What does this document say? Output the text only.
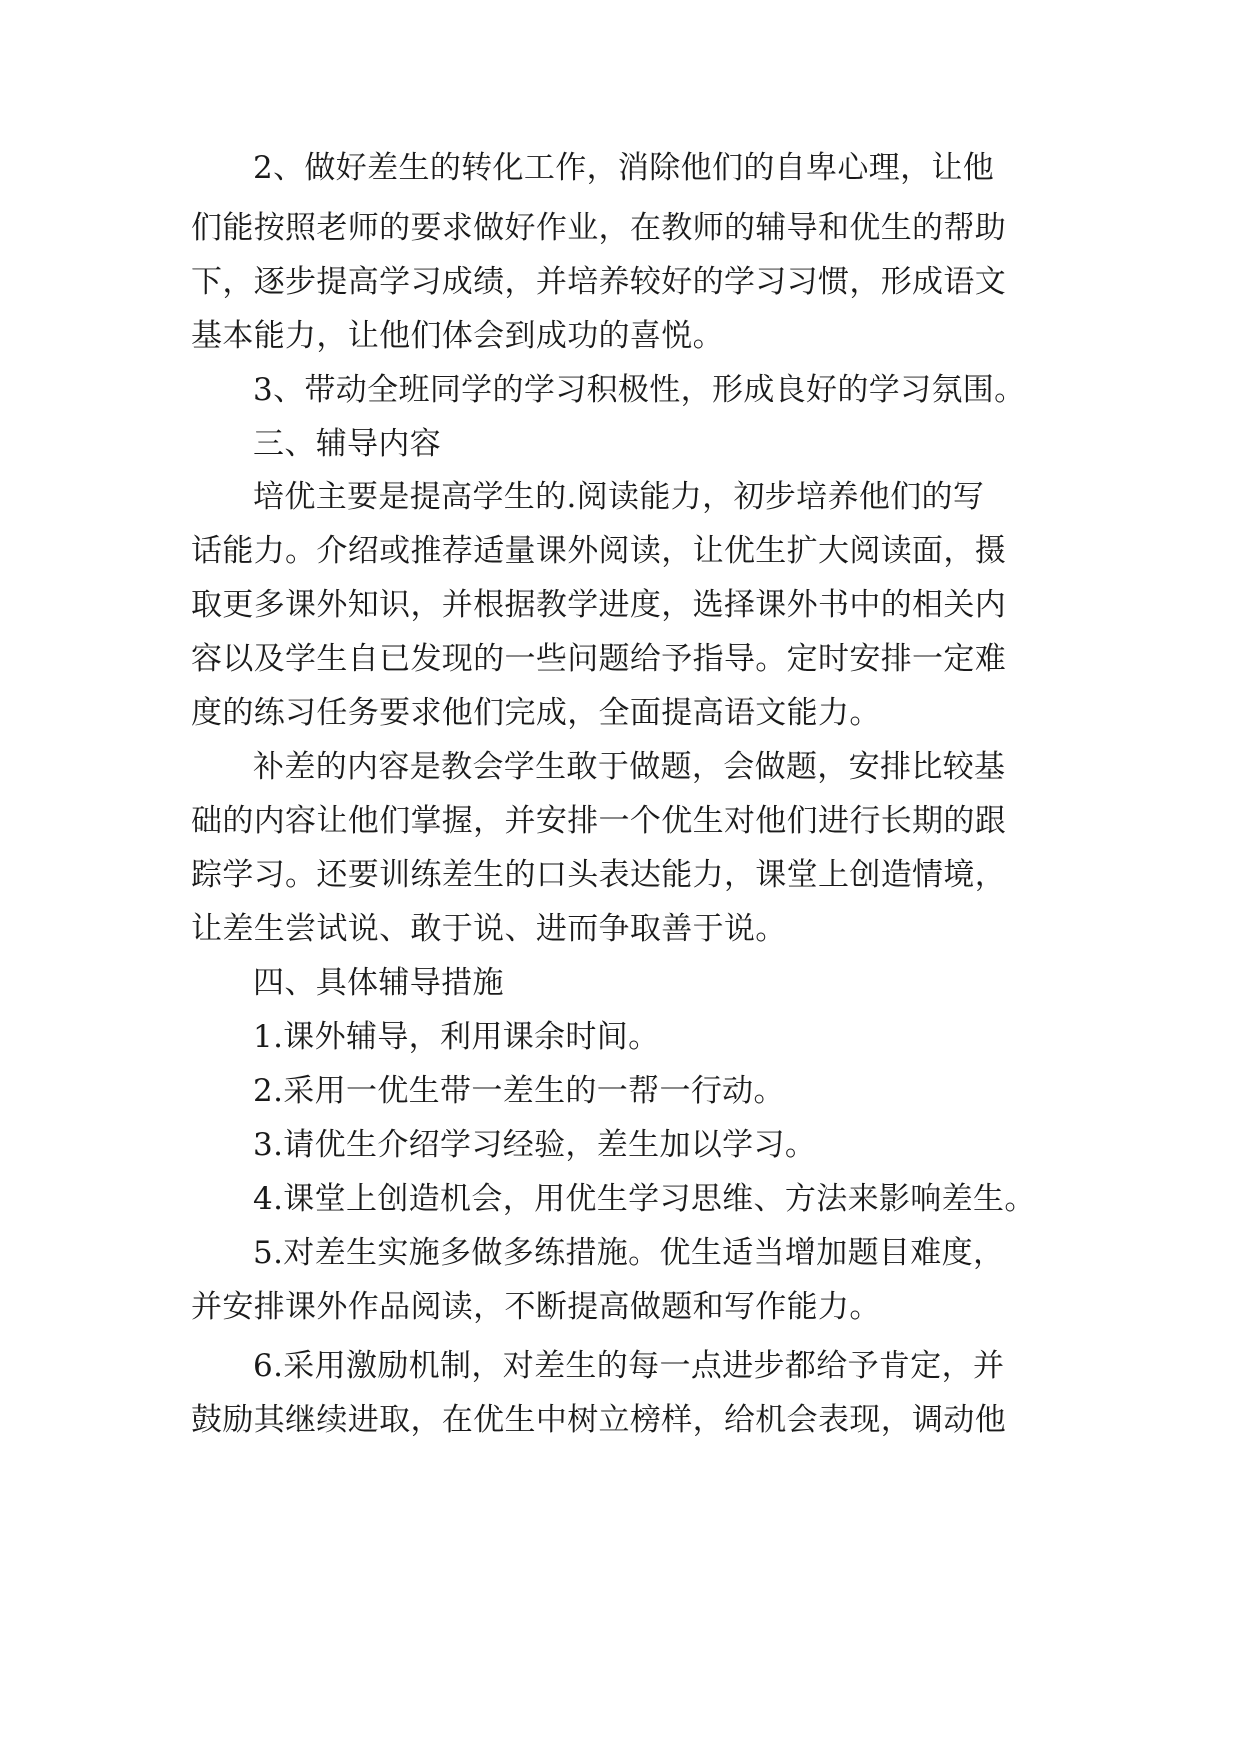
2、做好差生的转化工作，消除他们的自卑心理，让他
们能按照老师的要求做好作业，在教师的辅导和优生的帮助
下，逐步提高学习成绩，并培养较好的学习习惯，形成语文
基本能力，让他们体会到成功的喜悦。
3、带动全班同学的学习积极性，形成良好的学习氛围。
三、辅导内容
培优主要是提高学生的.阅读能力，初步培养他们的写
话能力。介绍或推荐适量课外阅读，让优生扩大阅读面，摄
取更多课外知识，并根据教学进度，选择课外书中的相关内
容以及学生自已发现的一些问题给予指导。定时安排一定难
度的练习任务要求他们完成，全面提高语文能力。
补差的内容是教会学生敢于做题，会做题，安排比较基
础的内容让他们掌握，并安排一个优生对他们进行长期的跟
踪学习。还要训练差生的口头表达能力，课堂上创造情境，
让差生尝试说、敢于说、进而争取善于说。
四、具体辅导措施
1.课外辅导，利用课余时间。
2.采用一优生带一差生的一帮一行动。
3.请优生介绍学习经验，差生加以学习。
4.课堂上创造机会，用优生学习思维、方法来影响差生。
5.对差生实施多做多练措施。优生适当增加题目难度，
并安排课外作品阅读，不断提高做题和写作能力。
6.采用激励机制，对差生的每一点进步都给予肯定，并
鼓励其继续进取，在优生中树立榜样，给机会表现，调动他
